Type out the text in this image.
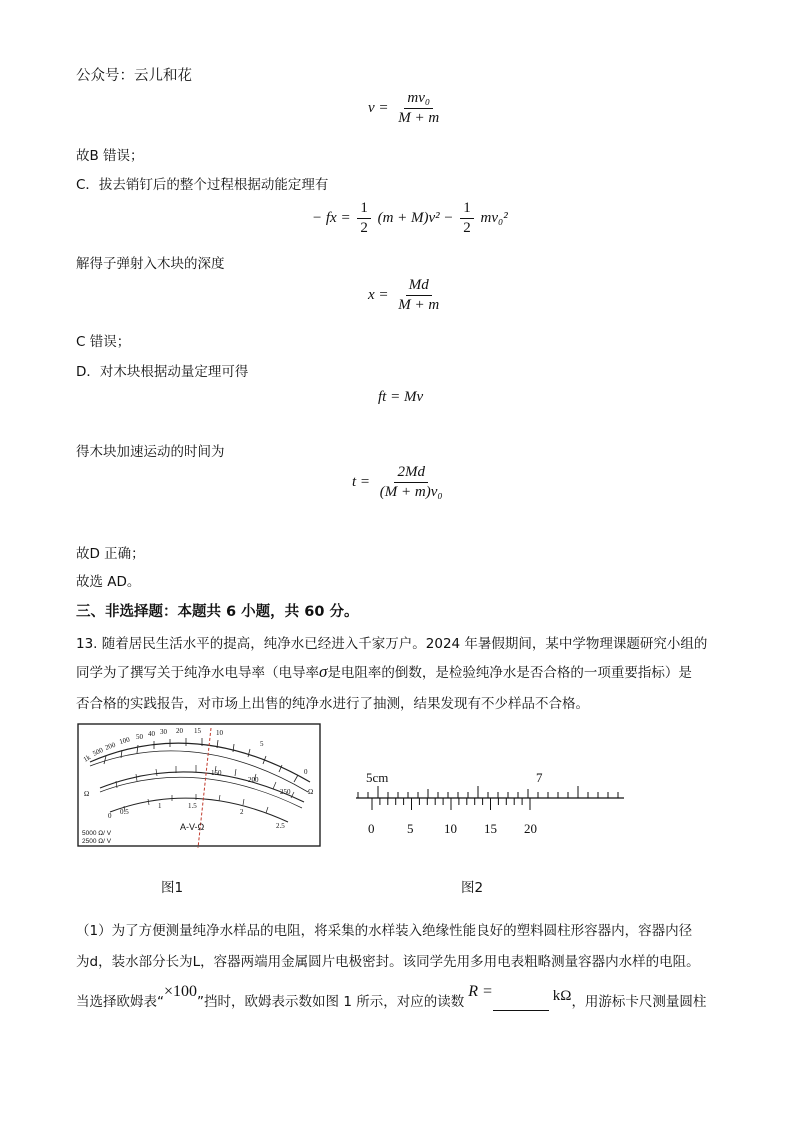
公众号：云儿和花
$v = \frac{\text{mv₀}}{M + m}$
故B 错误；
C．拔去销钉后的整个过程根据动能定理有
− fx = $\frac{1}{2} (m + M)v^2 - \frac{1}{2} mv_0^2$
解得子弹射入木块的深度
$x = \frac{Md}{M + m}$
C 错误；
D．对木块根据动量定理可得
ft = Mv
得木块加速运动的时间为
$t = \frac{2Md}{\text{(M + m)v₀}}$
故D 正确；
故选 AD。
三、非选择题：本题共 6 小题，共 60 分。
13. 随着居民生活水平的提高，纯净水已经进入千家万户。2024 年暑假期间，某中学物理课题研究小组的
同学为了撰写关于纯净水电导率（电导率σ是电阻率的倒数，是检验纯净水是否合格的一项重要指标）是
否合格的实践报告，对市场上出售的纯净水进行了抽测，结果发现有不少样品不合格。
1k
500 200
100 50 40 30 20 15 10
5
0
Ω
Ω
150
200
250
0 0.5
1	1.5
2
2.5
A-V-Ω
5000 Ω/ V
2500 Ω/ V
5cm	7
0	5 10 15 20
图1	图2
（1）为了方便测量纯净水样品的电阻，将采集的水样装入绝缘性能良好的塑料圆柱形容器内，容器内径
为d，装水部分长为L，容器两端用金属圆片电极密封。该同学先用多用电表粗略测量容器内水样的电阻。
当选择欧姆表“×100”挡时，欧姆表示数如图 1 所示，对应的读数R =	kΩ，用游标卡尺测量圆柱
